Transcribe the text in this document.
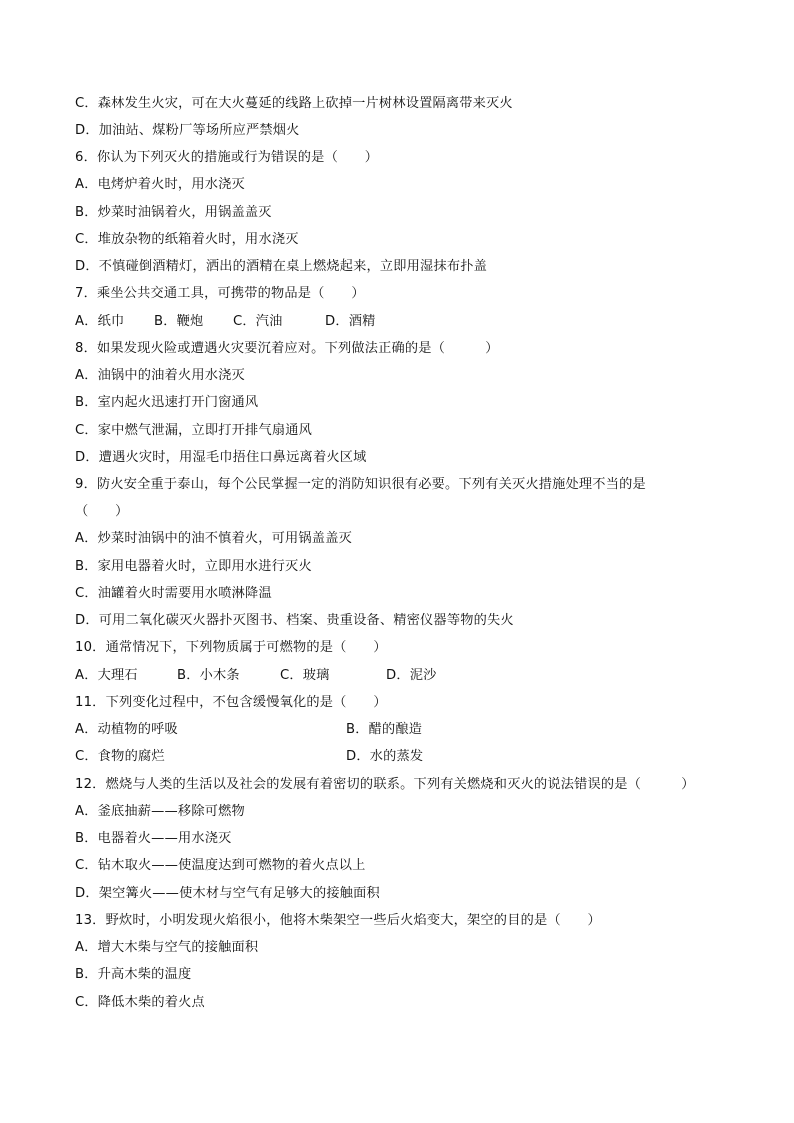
C．森林发生火灾，可在大火蔓延的线路上砍掉一片树林设置隔离带来灭火
D．加油站、煤粉厂等场所应严禁烟火
6．你认为下列灭火的措施或行为错误的是（　　）
A．电烤炉着火时，用水浇灭
B．炒菜时油锅着火，用锅盖盖灭
C．堆放杂物的纸箱着火时，用水浇灭
D．不慎碰倒酒精灯，洒出的酒精在桌上燃烧起来，立即用湿抹布扑盖
7．乘坐公共交通工具，可携带的物品是（　　）
A．纸巾 B．鞭炮 C．汽油	D．酒精
8．如果发现火险或遭遇火灾要沉着应对。下列做法正确的是（　　　）
A．油锅中的油着火用水浇灭
B．室内起火迅速打开门窗通风
C．家中燃气泄漏，立即打开排气扇通风
D．遭遇火灾时，用湿毛巾捂住口鼻远离着火区域
9．防火安全重于泰山，每个公民掌握一定的消防知识很有必要。下列有关灭火措施处理不当的是
（　　）
A．炒菜时油锅中的油不慎着火，可用锅盖盖灭
B．家用电器着火时，立即用水进行灭火
C．油罐着火时需要用水喷淋降温
D．可用二氧化碳灭火器扑灭图书、档案、贵重设备、精密仪器等物的失火
10．通常情况下，下列物质属于可燃物的是（　　）
A．大理石	B．小木条	C．玻璃	D．泥沙
11．下列变化过程中，不包含缓慢氧化的是（　　）
A．动植物的呼吸	B．醋的酿造
C．食物的腐烂	D．水的蒸发
12．燃烧与人类的生活以及社会的发展有着密切的联系。下列有关燃烧和灭火的说法错误的是（　　　）
A．釜底抽薪——移除可燃物
B．电器着火——用水浇灭
C．钻木取火——使温度达到可燃物的着火点以上
D．架空篝火——使木材与空气有足够大的接触面积
13．野炊时，小明发现火焰很小，他将木柴架空一些后火焰变大，架空的目的是（　　）
A．增大木柴与空气的接触面积
B．升高木柴的温度
C．降低木柴的着火点
